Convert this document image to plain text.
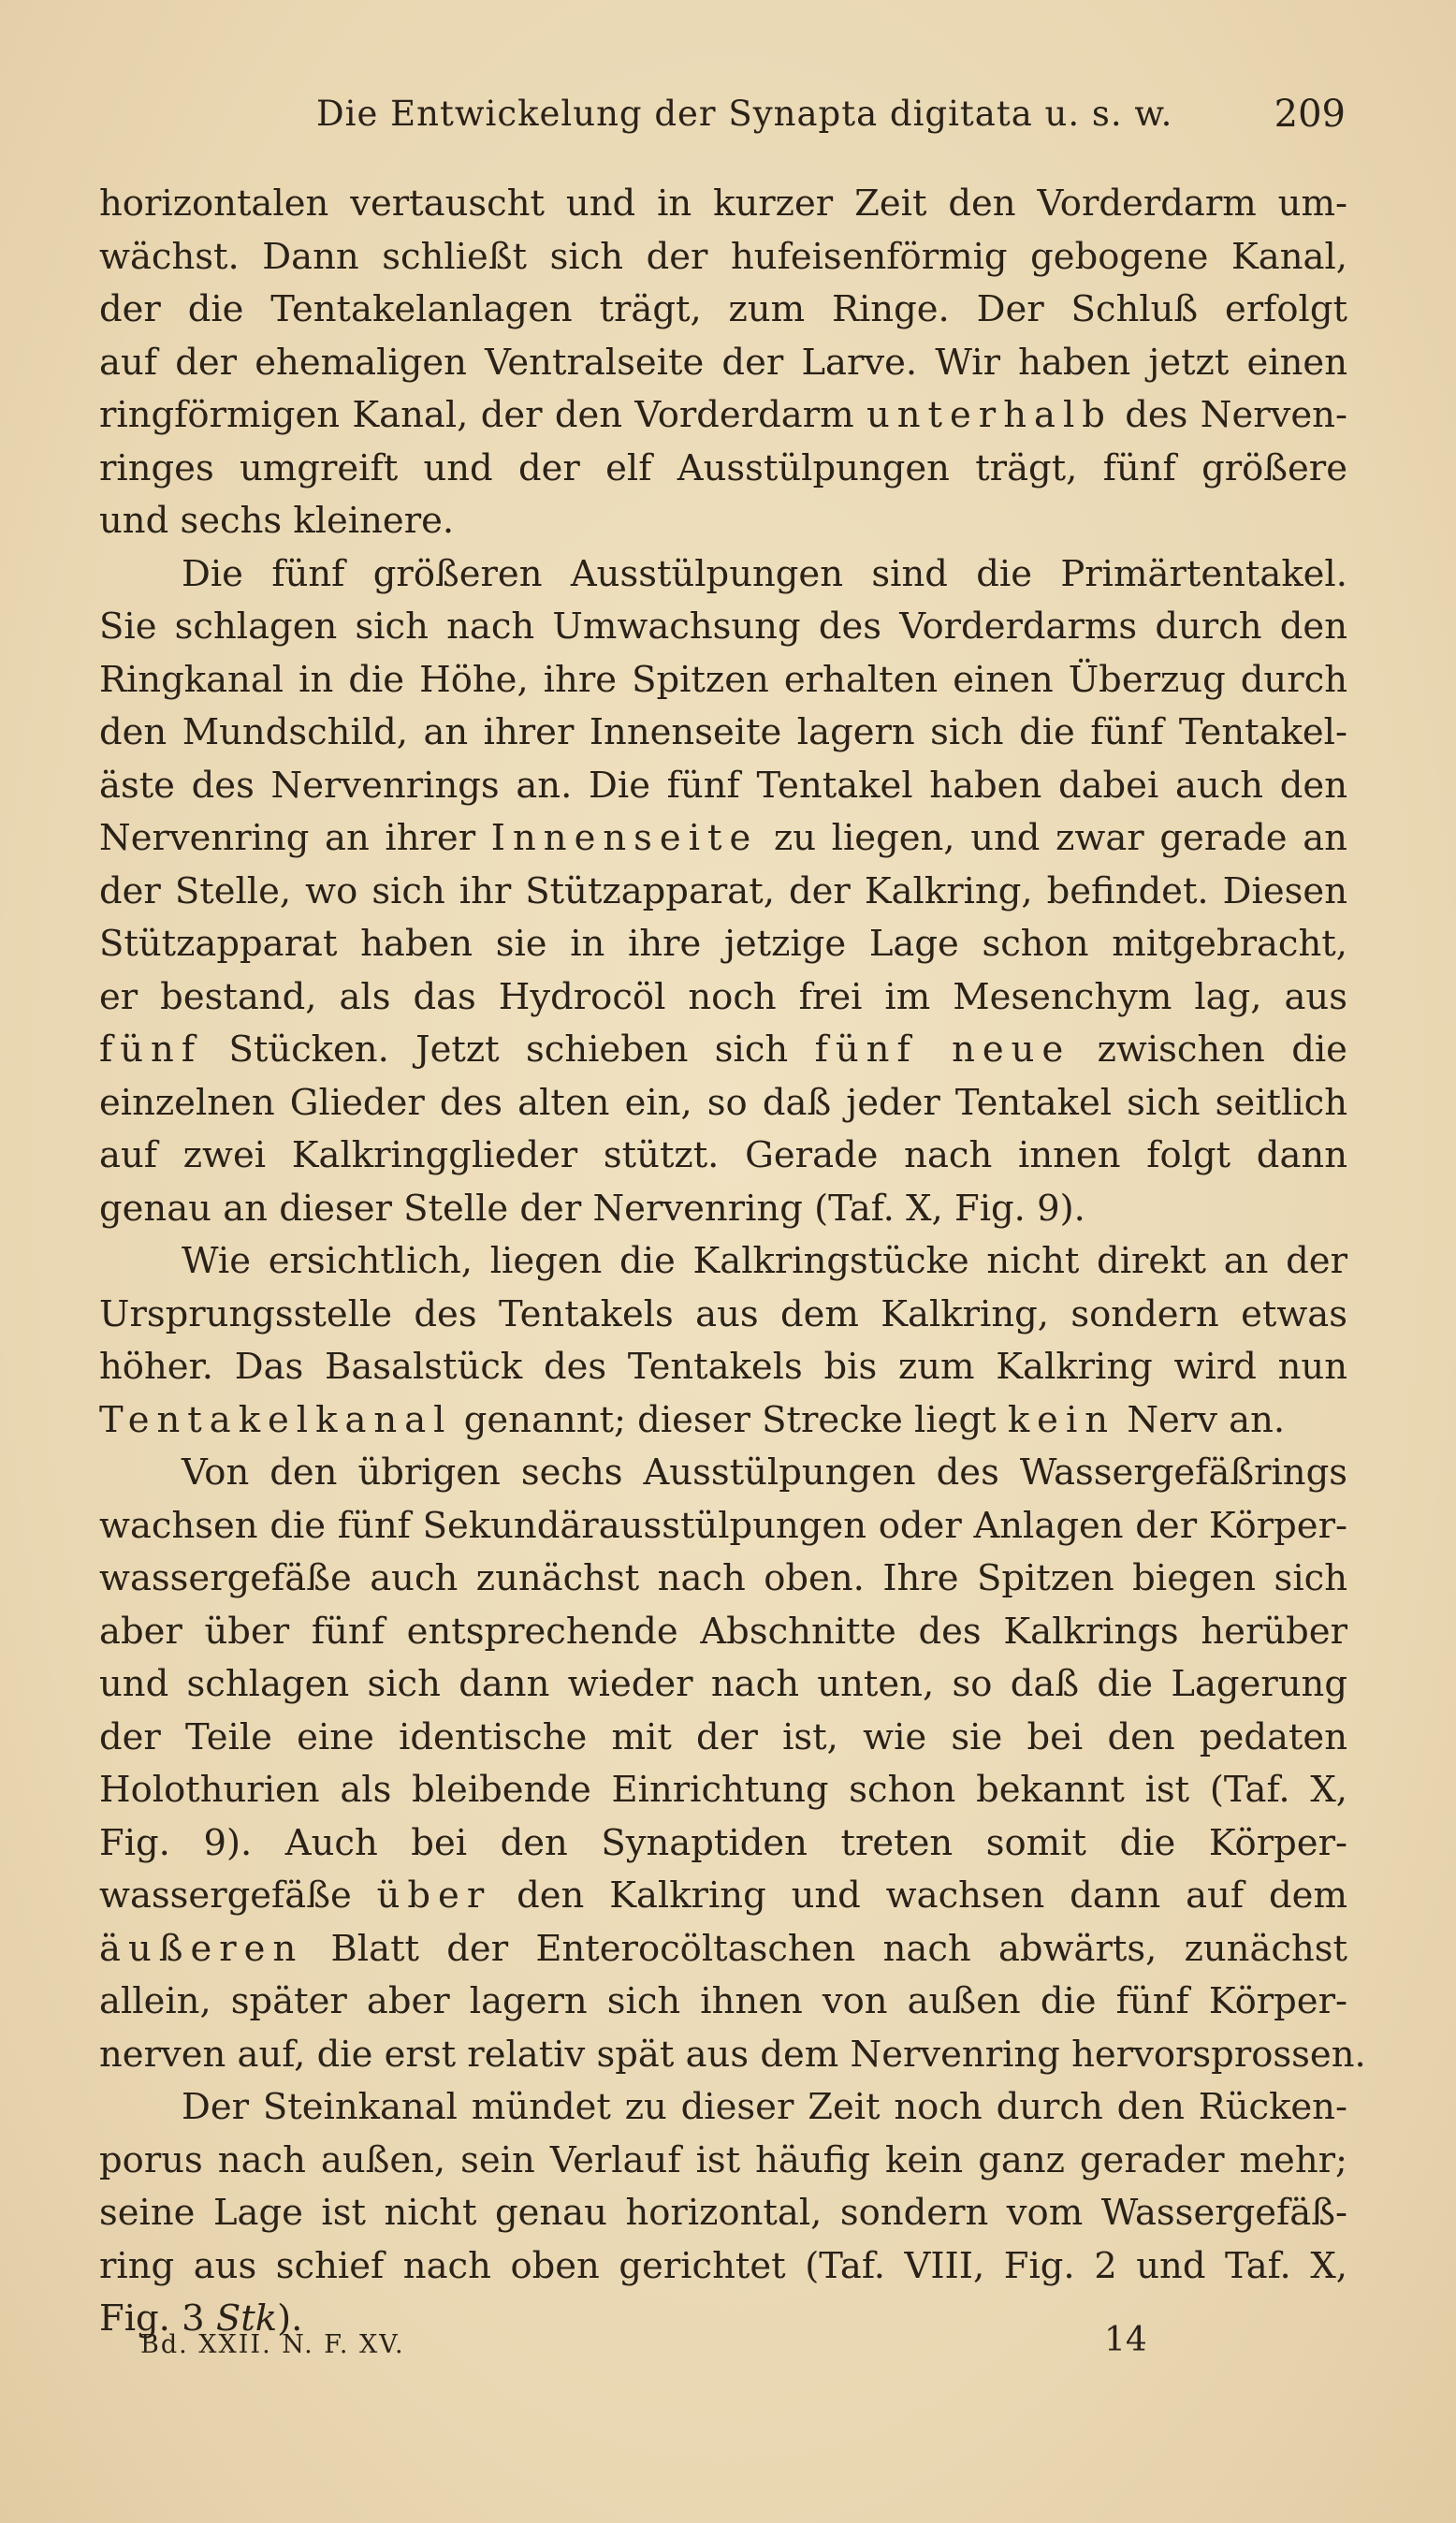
Die Entwickelung der Synapta digitata u. s. w.	209
horizontalen vertauscht und in kurzer Zeit den Vorderdarm um-
wächst. Dann schließt sich der hufeisenförmig gebogene Kanal,
der die Tentakelanlagen trägt, zum Ringe. Der Schluß erfolgt
auf der ehemaligen Ventralseite der Larve. Wir haben jetzt einen
ringförmigen Kanal, der den Vorderdarm unterhalb des Nerven-
ringes umgreift und der elf Ausstülpungen trägt, fünf größere
und sechs kleinere.
Die fünf größeren Ausstülpungen sind die Primärtentakel.
Sie schlagen sich nach Umwachsung des Vorderdarms durch den
Ringkanal in die Höhe, ihre Spitzen erhalten einen Überzug durch
den Mundschild, an ihrer Innenseite lagern sich die fünf Tentakel-
äste des Nervenrings an. Die fünf Tentakel haben dabei auch den
Nervenring an ihrer Innenseite zu liegen, und zwar gerade an
der Stelle, wo sich ihr Stützapparat, der Kalkring, befindet. Diesen
Stützapparat haben sie in ihre jetzige Lage schon mitgebracht,
er bestand, als das Hydrocöl noch frei im Mesenchym lag, aus
fünf Stücken. Jetzt schieben sich fünf neue zwischen die
einzelnen Glieder des alten ein, so daß jeder Tentakel sich seitlich
auf zwei Kalkringglieder stützt. Gerade nach innen folgt dann
genau an dieser Stelle der Nervenring (Taf. X, Fig. 9).
Wie ersichtlich, liegen die Kalkringstücke nicht direkt an der
Ursprungsstelle des Tentakels aus dem Kalkring, sondern etwas
höher. Das Basalstück des Tentakels bis zum Kalkring wird nun
Tentakelkanal genannt; dieser Strecke liegt kein Nerv an.
Von den übrigen sechs Ausstülpungen des Wassergefäßrings
wachsen die fünf Sekundärausstülpungen oder Anlagen der Körper-
wassergefäße auch zunächst nach oben. Ihre Spitzen biegen sich
aber über fünf entsprechende Abschnitte des Kalkrings herüber
und schlagen sich dann wieder nach unten, so daß die Lagerung
der Teile eine identische mit der ist, wie sie bei den pedaten
Holothurien als bleibende Einrichtung schon bekannt ist (Taf. X,
Fig. 9). Auch bei den Synaptiden treten somit die Körper-
wassergefäße über den Kalkring und wachsen dann auf dem
äußeren Blatt der Enterocöltaschen nach abwärts, zunächst
allein, später aber lagern sich ihnen von außen die fünf Körper-
nerven auf, die erst relativ spät aus dem Nervenring hervorsprossen.
Der Steinkanal mündet zu dieser Zeit noch durch den Rücken-
porus nach außen, sein Verlauf ist häufig kein ganz gerader mehr;
seine Lage ist nicht genau horizontal, sondern vom Wassergefäß-
ring aus schief nach oben gerichtet (Taf. VIII, Fig. 2 und Taf. X,
Fig. 3 Stk).
Bd. XXII. N. F. XV.	14
